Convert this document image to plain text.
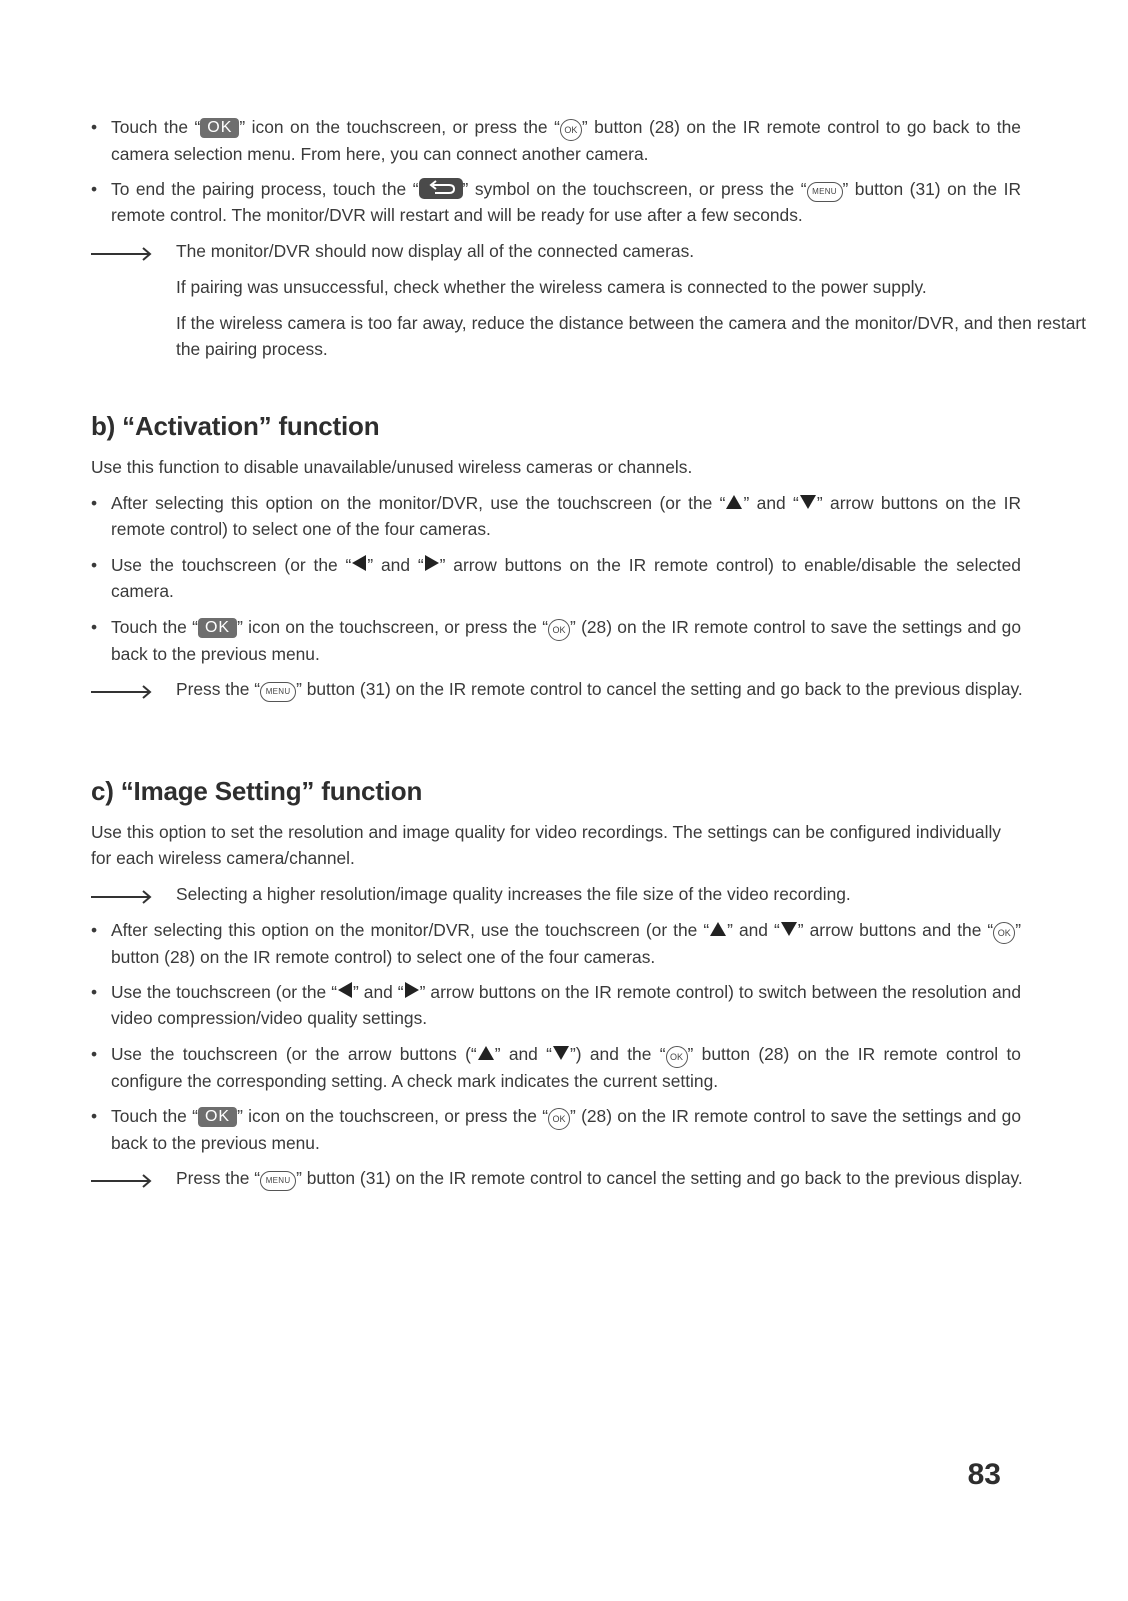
• Touch the “ OK ” icon on the touchscreen, or press the “ OK ” button (28) on the IR remote control to go back to the camera selection menu. From here, you can connect another camera.
• To end the pairing process, touch the “	” symbol on the touchscreen, or press the “ MENU ” button (31) on the IR remote control. The monitor/DVR will restart and will be ready for use after a few seconds.
The monitor/DVR should now display all of the connected cameras.
If pairing was unsuccessful, check whether the wireless camera is connected to the power supply.
If the wireless camera is too far away, reduce the distance between the camera and the monitor/DVR, and then restart the pairing process.
b) “Activation” function
Use this function to disable unavailable/unused wireless cameras or channels.
• After selecting this option on the monitor/DVR, use the touchscreen (or the “ ” and “ ” arrow buttons on the IR remote control) to select one of the four cameras.
• Use the touchscreen (or the “ ” and “ ” arrow buttons on the IR remote control) to enable/disable the selected camera.
• Touch the “ OK ” icon on the touchscreen, or press the “ OK ” (28) on the IR remote control to save the settings and go back to the previous menu.
Press the “ MENU ” button (31) on the IR remote control to cancel the setting and go back to the previous display.
c) “Image Setting” function
Use this option to set the resolution and image quality for video recordings. The settings can be configured individually for each wireless camera/channel.
Selecting a higher resolution/image quality increases the file size of the video recording.
• After selecting this option on the monitor/DVR, use the touchscreen (or the “ ” and “ ” arrow buttons and the “ OK ” button (28) on the IR remote control) to select one of the four cameras.
• Use the touchscreen (or the “ ” and “ ” arrow buttons on the IR remote control) to switch between the resolution and video compression/video quality settings.
• Use the touchscreen (or the arrow buttons (“ ” and “ ”) and the “ OK ” button (28) on the IR remote control to configure the corresponding setting. A check mark indicates the current setting.
• Touch the “ OK ” icon on the touchscreen, or press the “ OK ” (28) on the IR remote control to save the settings and go back to the previous menu.
Press the “ MENU ” button (31) on the IR remote control to cancel the setting and go back to the previous display.
83
